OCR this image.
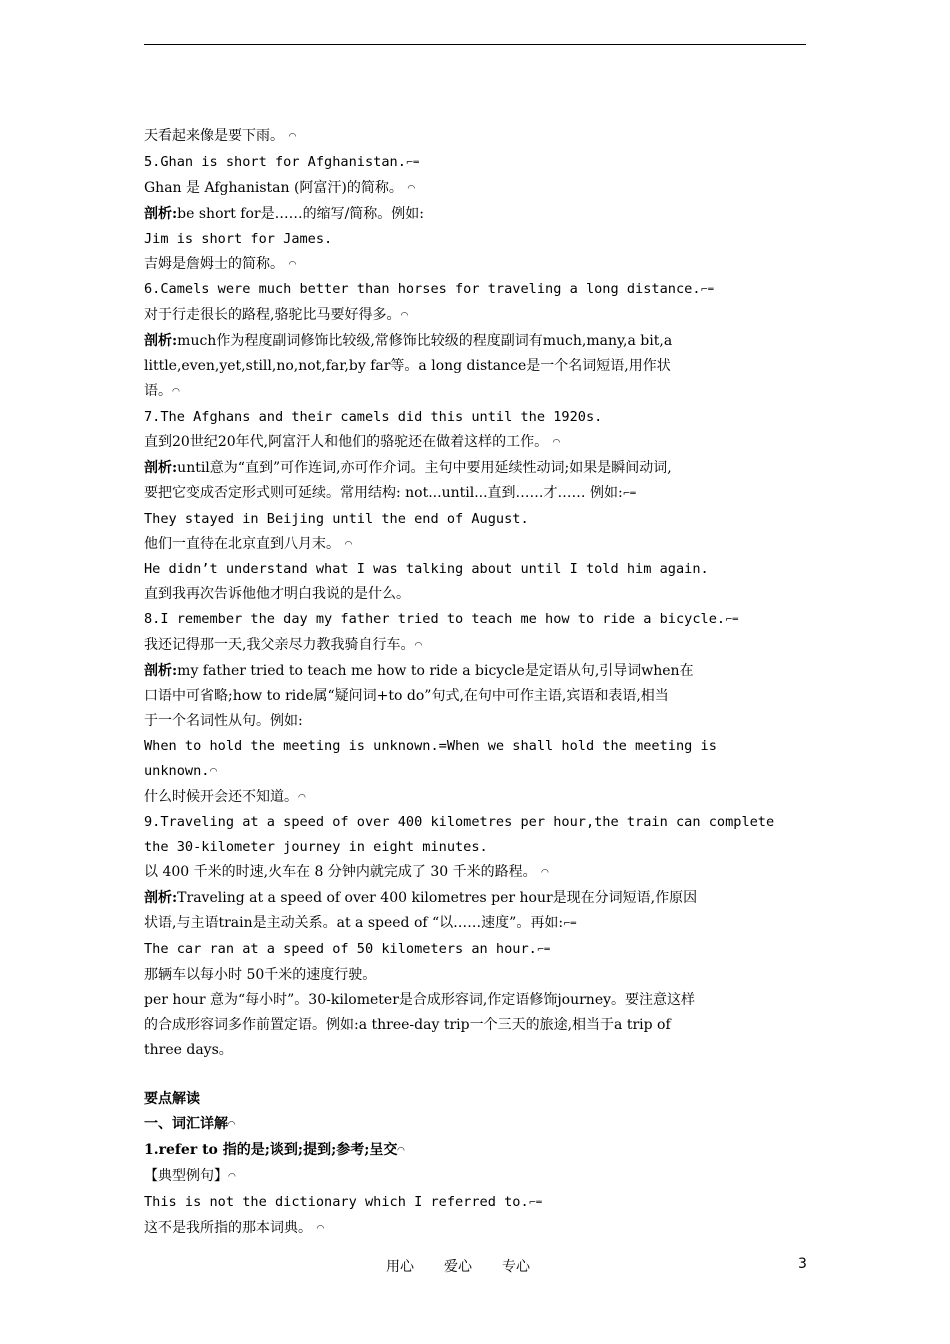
天看起来像是要下雨。 ◠
5.Ghan is short for Afghanistan.⌐═
Ghan 是 Afghanistan (阿富汗)的简称。 ◠
剖析:be short for是……的缩写/简称。例如:
Jim is short for James.
吉姆是詹姆士的简称。 ◠
6.Camels were much better than horses for traveling a long distance.⌐═
对于行走很长的路程,骆驼比马要好得多。◠
剖析:much作为程度副词修饰比较级,常修饰比较级的程度副词有much,many,a bit,a
little,even,yet,still,no,not,far,by far等。a long distance是一个名词短语,用作状
语。◠
7.The Afghans and their camels did this until the 1920s.
直到20世纪20年代,阿富汗人和他们的骆驼还在做着这样的工作。 ◠
剖析:until意为“直到”可作连词,亦可作介词。主句中要用延续性动词;如果是瞬间动词,
要把它变成否定形式则可延续。常用结构: not...until...直到……才…… 例如:⌐═
They stayed in Beijing until the end of August.
他们一直待在北京直到八月末。 ◠
He didn’t understand what I was talking about until I told him again.
直到我再次告诉他他才明白我说的是什么。
8.I remember the day my father tried to teach me how to ride a bicycle.⌐═
我还记得那一天,我父亲尽力教我骑自行车。◠
剖析:my father tried to teach me how to ride a bicycle是定语从句,引导词when在
口语中可省略;how to ride属“疑问词+to do”句式,在句中可作主语,宾语和表语,相当
于一个名词性从句。例如:
When to hold the meeting is unknown.=When we shall hold the meeting is
unknown.◠
什么时候开会还不知道。◠
9.Traveling at a speed of over 400 kilometres per hour,the train can complete
the 30-kilometer journey in eight minutes.
以 400 千米的时速,火车在 8 分钟内就完成了 30 千米的路程。 ◠
剖析:Traveling at a speed of over 400 kilometres per hour是现在分词短语,作原因
状语,与主语train是主动关系。at a speed of “以……速度”。再如:⌐═
The car ran at a speed of 50 kilometers an hour.⌐═
那辆车以每小时 50千米的速度行驶。
per hour 意为“每小时”。30-kilometer是合成形容词,作定语修饰journey。要注意这样
的合成形容词多作前置定语。例如:a three-day trip一个三天的旅途,相当于a trip of
three days。
要点解读
一、词汇详解◠
1.refer to 指的是;谈到;提到;参考;呈交◠
【典型例句】◠
This is not the dictionary which I referred to.⌐═
这不是我所指的那本词典。 ◠
用心 爱心 专心	3
